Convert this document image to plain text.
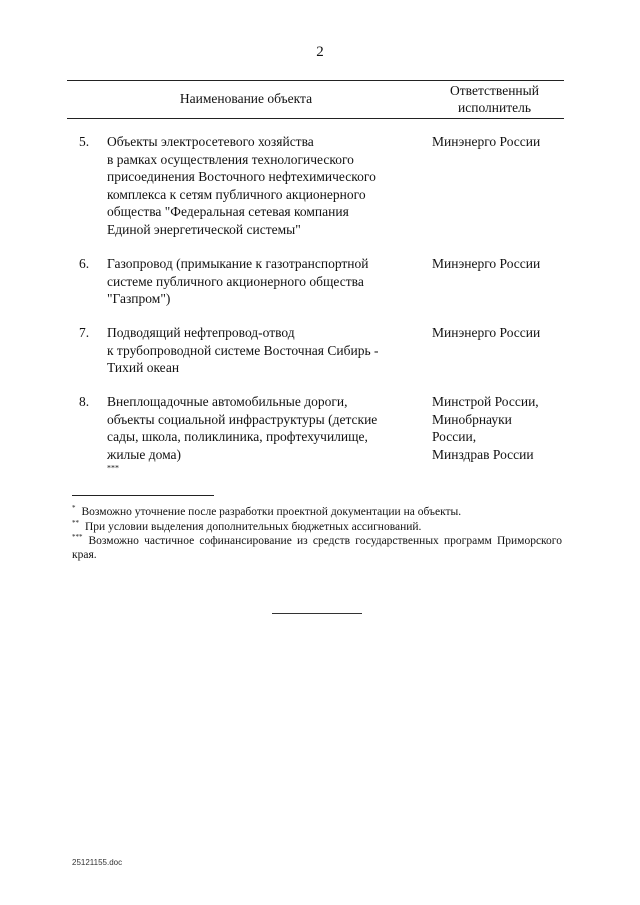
2
Наименование объекта
Ответственный
исполнитель
5. Объекты электросетевого хозяйства
в рамках осуществления технологического
присоединения Восточного нефтехимического
комплекса к сетям публичного акционерного
общества "Федеральная сетевая компания
Единой энергетической системы"
Минэнерго России
6. Газопровод (примыкание к газотранспортной
системе публичного акционерного общества
"Газпром")
Минэнерго России
7. Подводящий нефтепровод-отвод
к трубопроводной системе Восточная Сибирь -
Тихий океан
Минэнерго России
8. Внеплощадочные автомобильные дороги,
объекты социальной инфраструктуры (детские
сады, школа, поликлиника, профтехучилище,
жилые дома)
***
Минстрой России,
Минобрнауки
России,
Минздрав России
* Возможно уточнение после разработки проектной документации на объекты.
** При условии выделения дополнительных бюджетных ассигнований.
*** Возможно частичное софинансирование из средств государственных программ Приморского края.
25121155.doc
